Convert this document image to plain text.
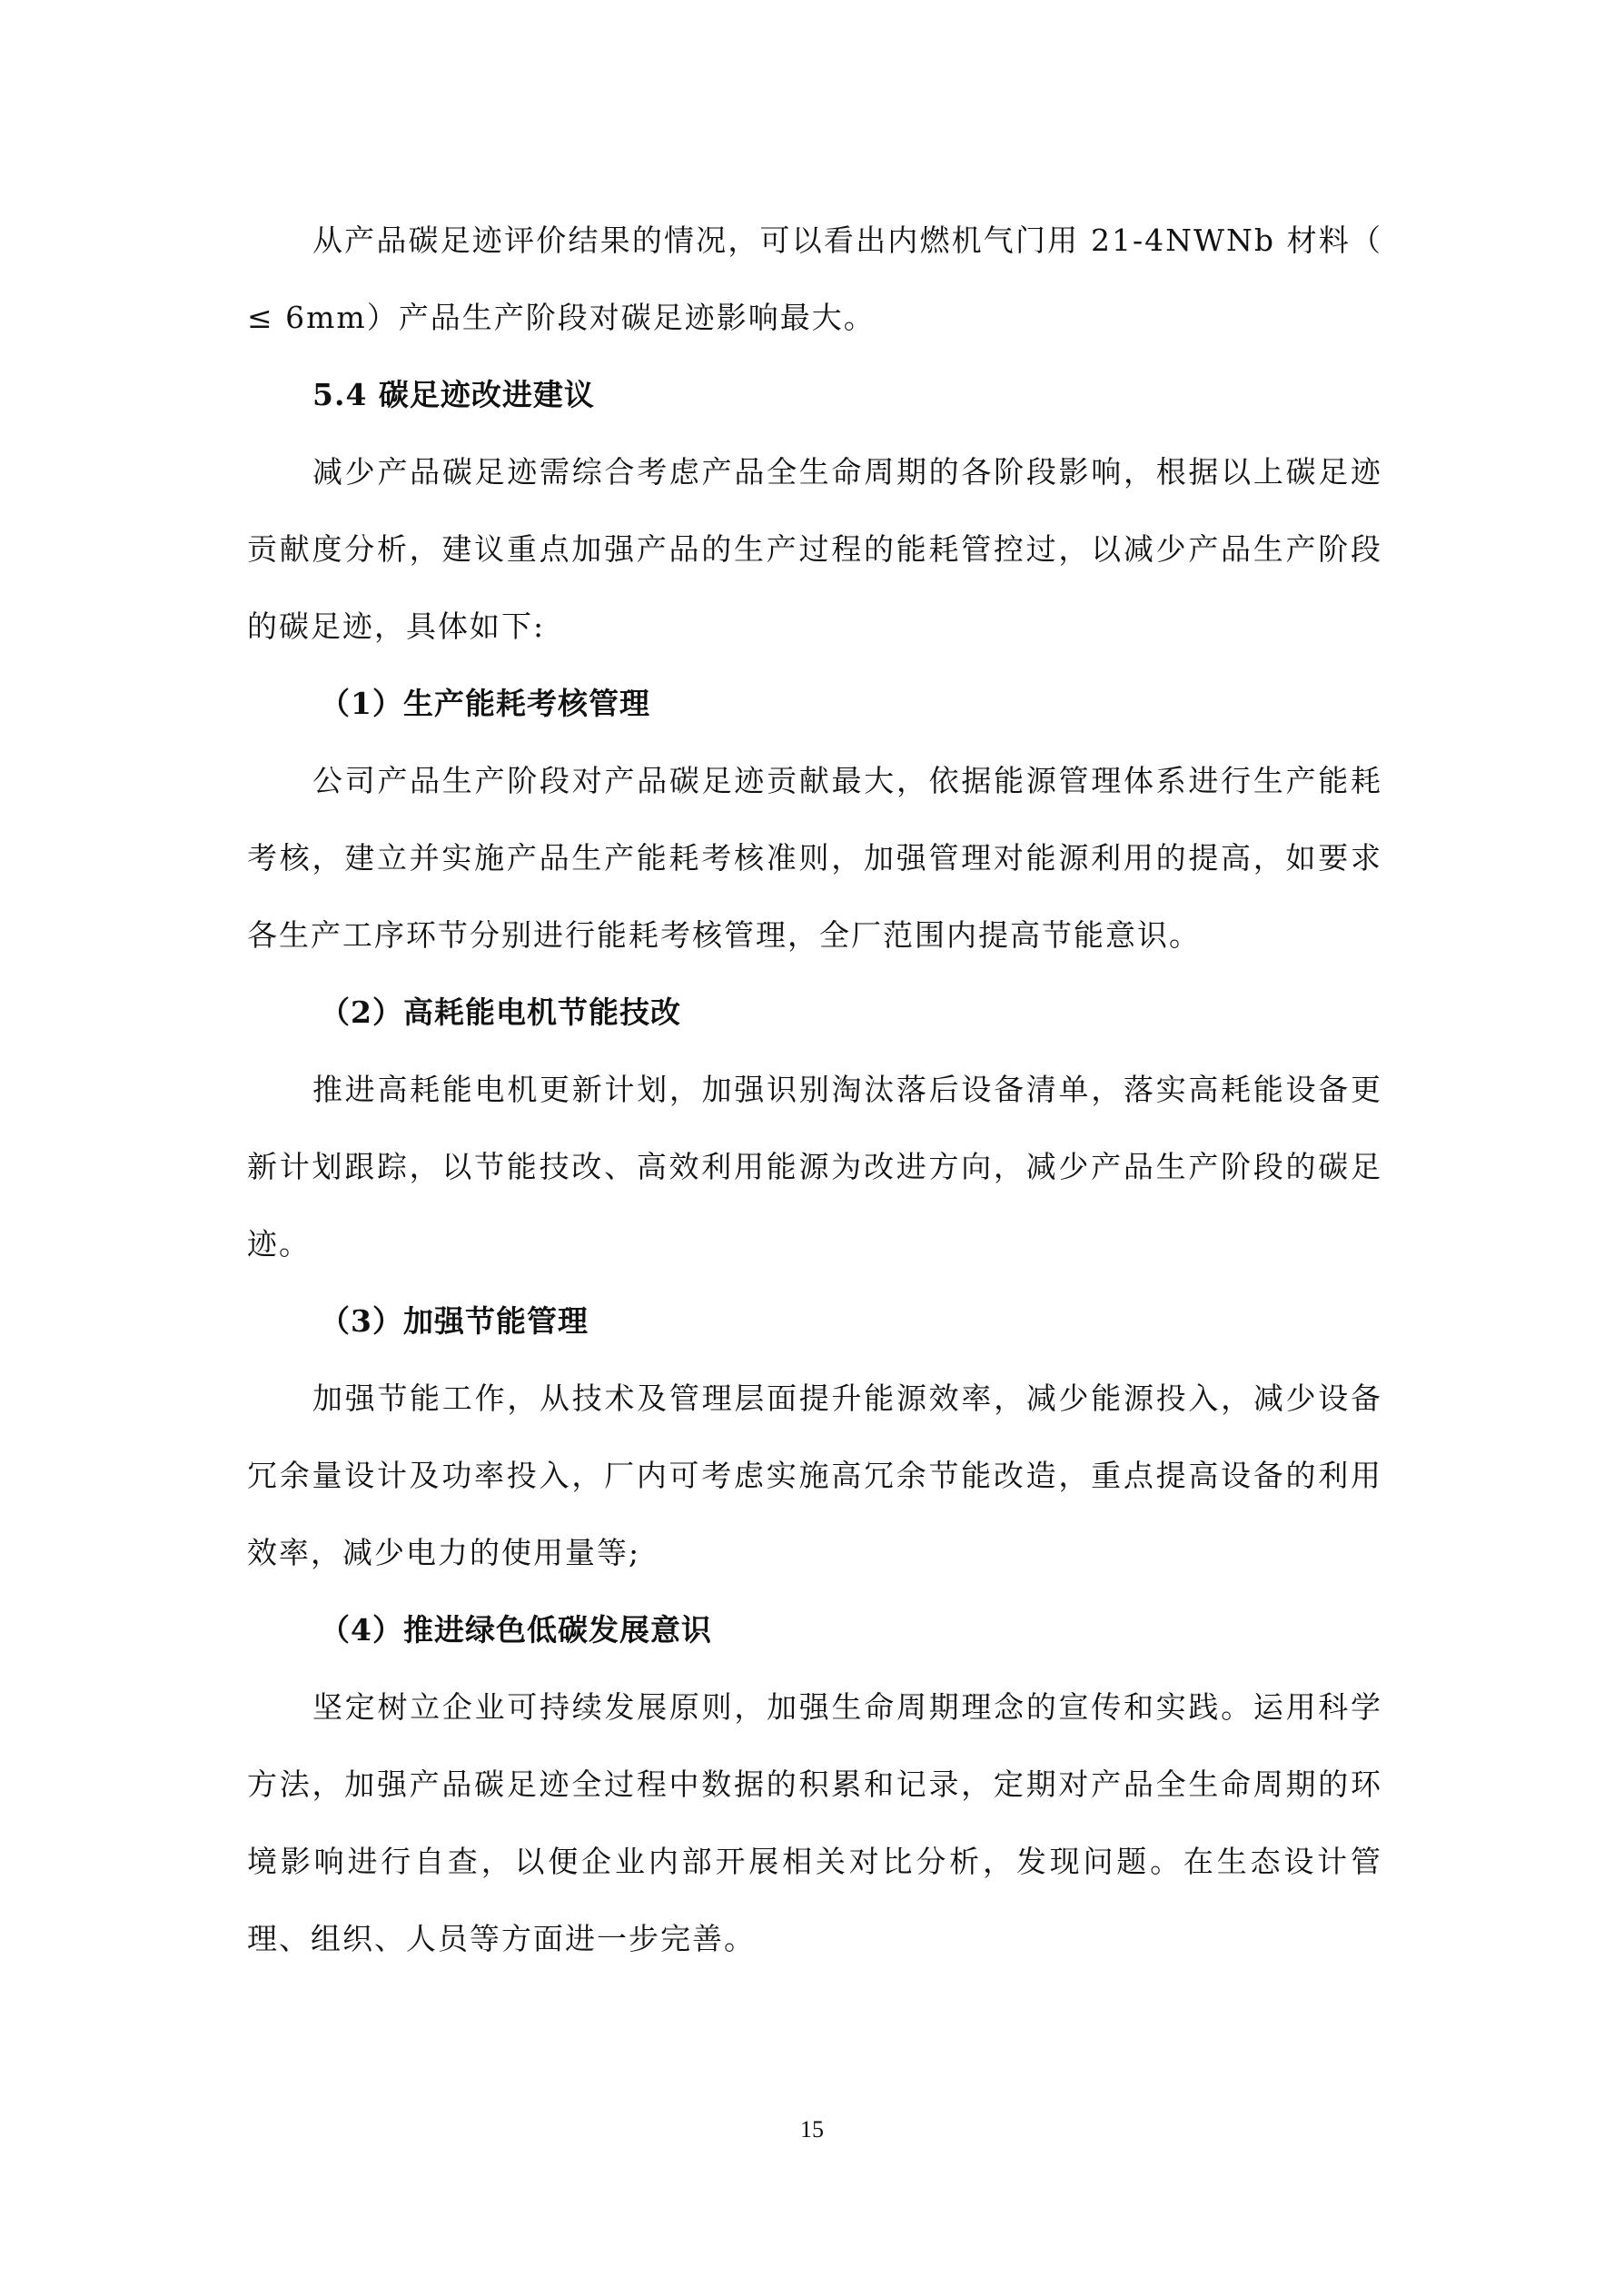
从产品碳足迹评价结果的情况，可以看出内燃机气门用 21-4NWNb 材料（ ≤ 6mm）产品生产阶段对碳足迹影响最大。

5.4 碳足迹改进建议

减少产品碳足迹需综合考虑产品全生命周期的各阶段影响，根据以上碳足迹贡献度分析，建议重点加强产品的生产过程的能耗管控过，以减少产品生产阶段的碳足迹，具体如下:

（1）生产能耗考核管理

公司产品生产阶段对产品碳足迹贡献最大，依据能源管理体系进行生产能耗考核，建立并实施产品生产能耗考核准则，加强管理对能源利用的提高，如要求各生产工序环节分别进行能耗考核管理，全厂范围内提高节能意识。

（2）高耗能电机节能技改

推进高耗能电机更新计划，加强识别淘汰落后设备清单，落实高耗能设备更新计划跟踪，以节能技改、高效利用能源为改进方向，减少产品生产阶段的碳足迹。

（3）加强节能管理

加强节能工作，从技术及管理层面提升能源效率，减少能源投入，减少设备冗余量设计及功率投入，厂内可考虑实施高冗余节能改造，重点提高设备的利用效率，减少电力的使用量等;

（4）推进绿色低碳发展意识

坚定树立企业可持续发展原则，加强生命周期理念的宣传和实践。运用科学方法，加强产品碳足迹全过程中数据的积累和记录，定期对产品全生命周期的环境影响进行自查，以便企业内部开展相关对比分析，发现问题。在生态设计管理、组织、人员等方面进一步完善。

15
